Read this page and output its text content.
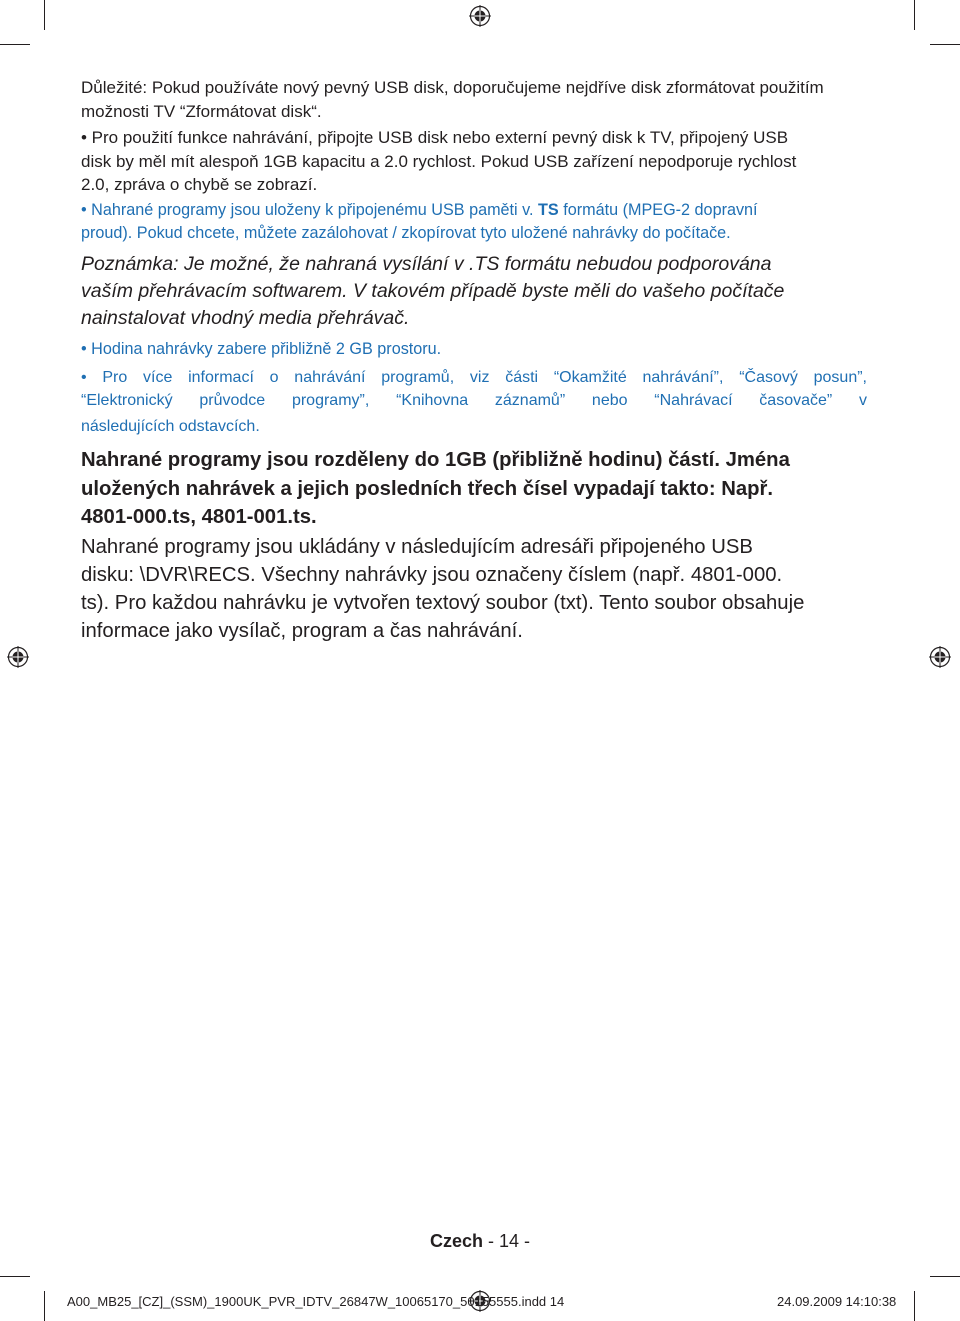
Důležité: Pokud používáte nový pevný USB disk, doporučujeme nejdříve disk zformátovat použitím
možnosti TV “Zformátovat disk“.
• Pro použití funkce nahrávání, připojte USB disk nebo externí pevný disk k TV, připojený USB
disk by měl mít alespoň 1GB kapacitu a 2.0 rychlost. Pokud USB zařízení nepodporuje rychlost
2.0, zpráva o chybě se zobrazí.
• Nahrané programy jsou uloženy k připojenému USB paměti v. TS formátu (MPEG-2 dopravní
proud). Pokud chcete, můžete zazálohovat / zkopírovat tyto uložené nahrávky do počítače.
Poznámka: Je možné, že nahraná vysílání v .TS formátu nebudou podporována
vaším přehrávacím softwarem. V takovém případě byste měli do vašeho počítače
nainstalovat vhodný media přehrávač.
• Hodina nahrávky zabere přibližně 2 GB prostoru.
• Pro více informací o nahrávání programů, viz části “Okamžité nahrávání”, “Časový posun”,
“Elektronický průvodce programy”, “Knihovna záznamů” nebo “Nahrávací časovače” v
následujících odstavcích.
Nahrané programy jsou rozděleny do 1GB (přibližně hodinu) částí. Jména
uložených nahrávek a jejich posledních třech čísel vypadají takto: Např.
4801-000.ts, 4801-001.ts.
Nahrané programy jsou ukládány v následujícím adresáři připojeného USB
disku: \DVR\RECS. Všechny nahrávky jsou označeny číslem (např. 4801-000.
ts). Pro každou nahrávku je vytvořen textový soubor (txt). Tento soubor obsahuje
informace jako vysílač, program a čas nahrávání.
Czech - 14 -
A00_MB25_[CZ]_(SSM)_1900UK_PVR_IDTV_26847W_10065170_50155555.indd 14	24.09.2009 14:10:38
